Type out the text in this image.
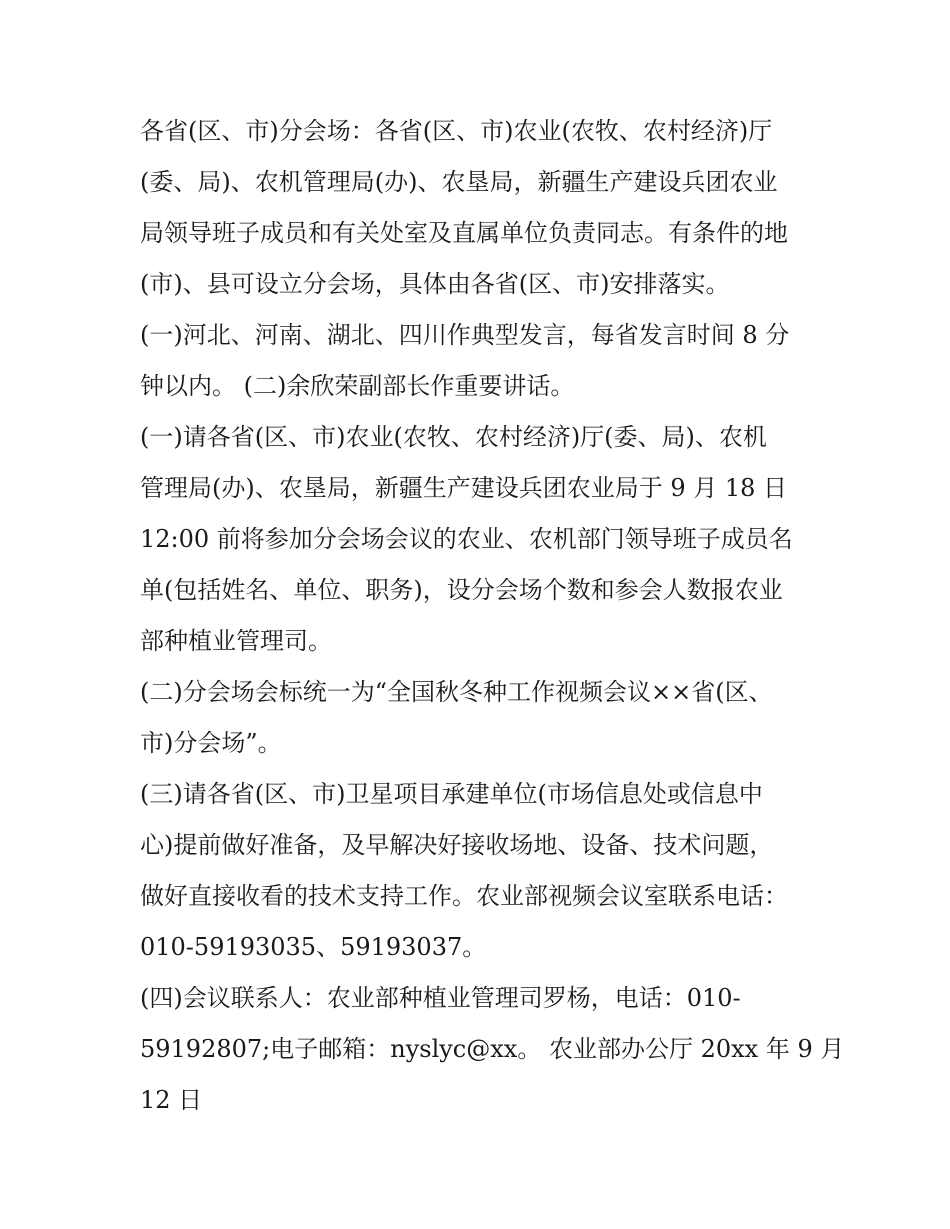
各省(区、市)分会场：各省(区、市)农业(农牧、农村经济)厅
(委、局)、农机管理局(办)、农垦局，新疆生产建设兵团农业
局领导班子成员和有关处室及直属单位负责同志。有条件的地
(市)、县可设立分会场，具体由各省(区、市)安排落实。
(一)河北、河南、湖北、四川作典型发言，每省发言时间 8 分
钟以内。 (二)余欣荣副部长作重要讲话。
(一)请各省(区、市)农业(农牧、农村经济)厅(委、局)、农机
管理局(办)、农垦局，新疆生产建设兵团农业局于 9 月 18 日
12:00 前将参加分会场会议的农业、农机部门领导班子成员名
单(包括姓名、单位、职务)，设分会场个数和参会人数报农业
部种植业管理司。
(二)分会场会标统一为“全国秋冬种工作视频会议××省(区、
市)分会场”。
(三)请各省(区、市)卫星项目承建单位(市场信息处或信息中
心)提前做好准备，及早解决好接收场地、设备、技术问题，
做好直接收看的技术支持工作。农业部视频会议室联系电话：
010-59193035、59193037。
(四)会议联系人：农业部种植业管理司罗杨，电话：010-
59192807;电子邮箱：nyslyc@xx。 农业部办公厅 20xx 年 9 月
12 日
